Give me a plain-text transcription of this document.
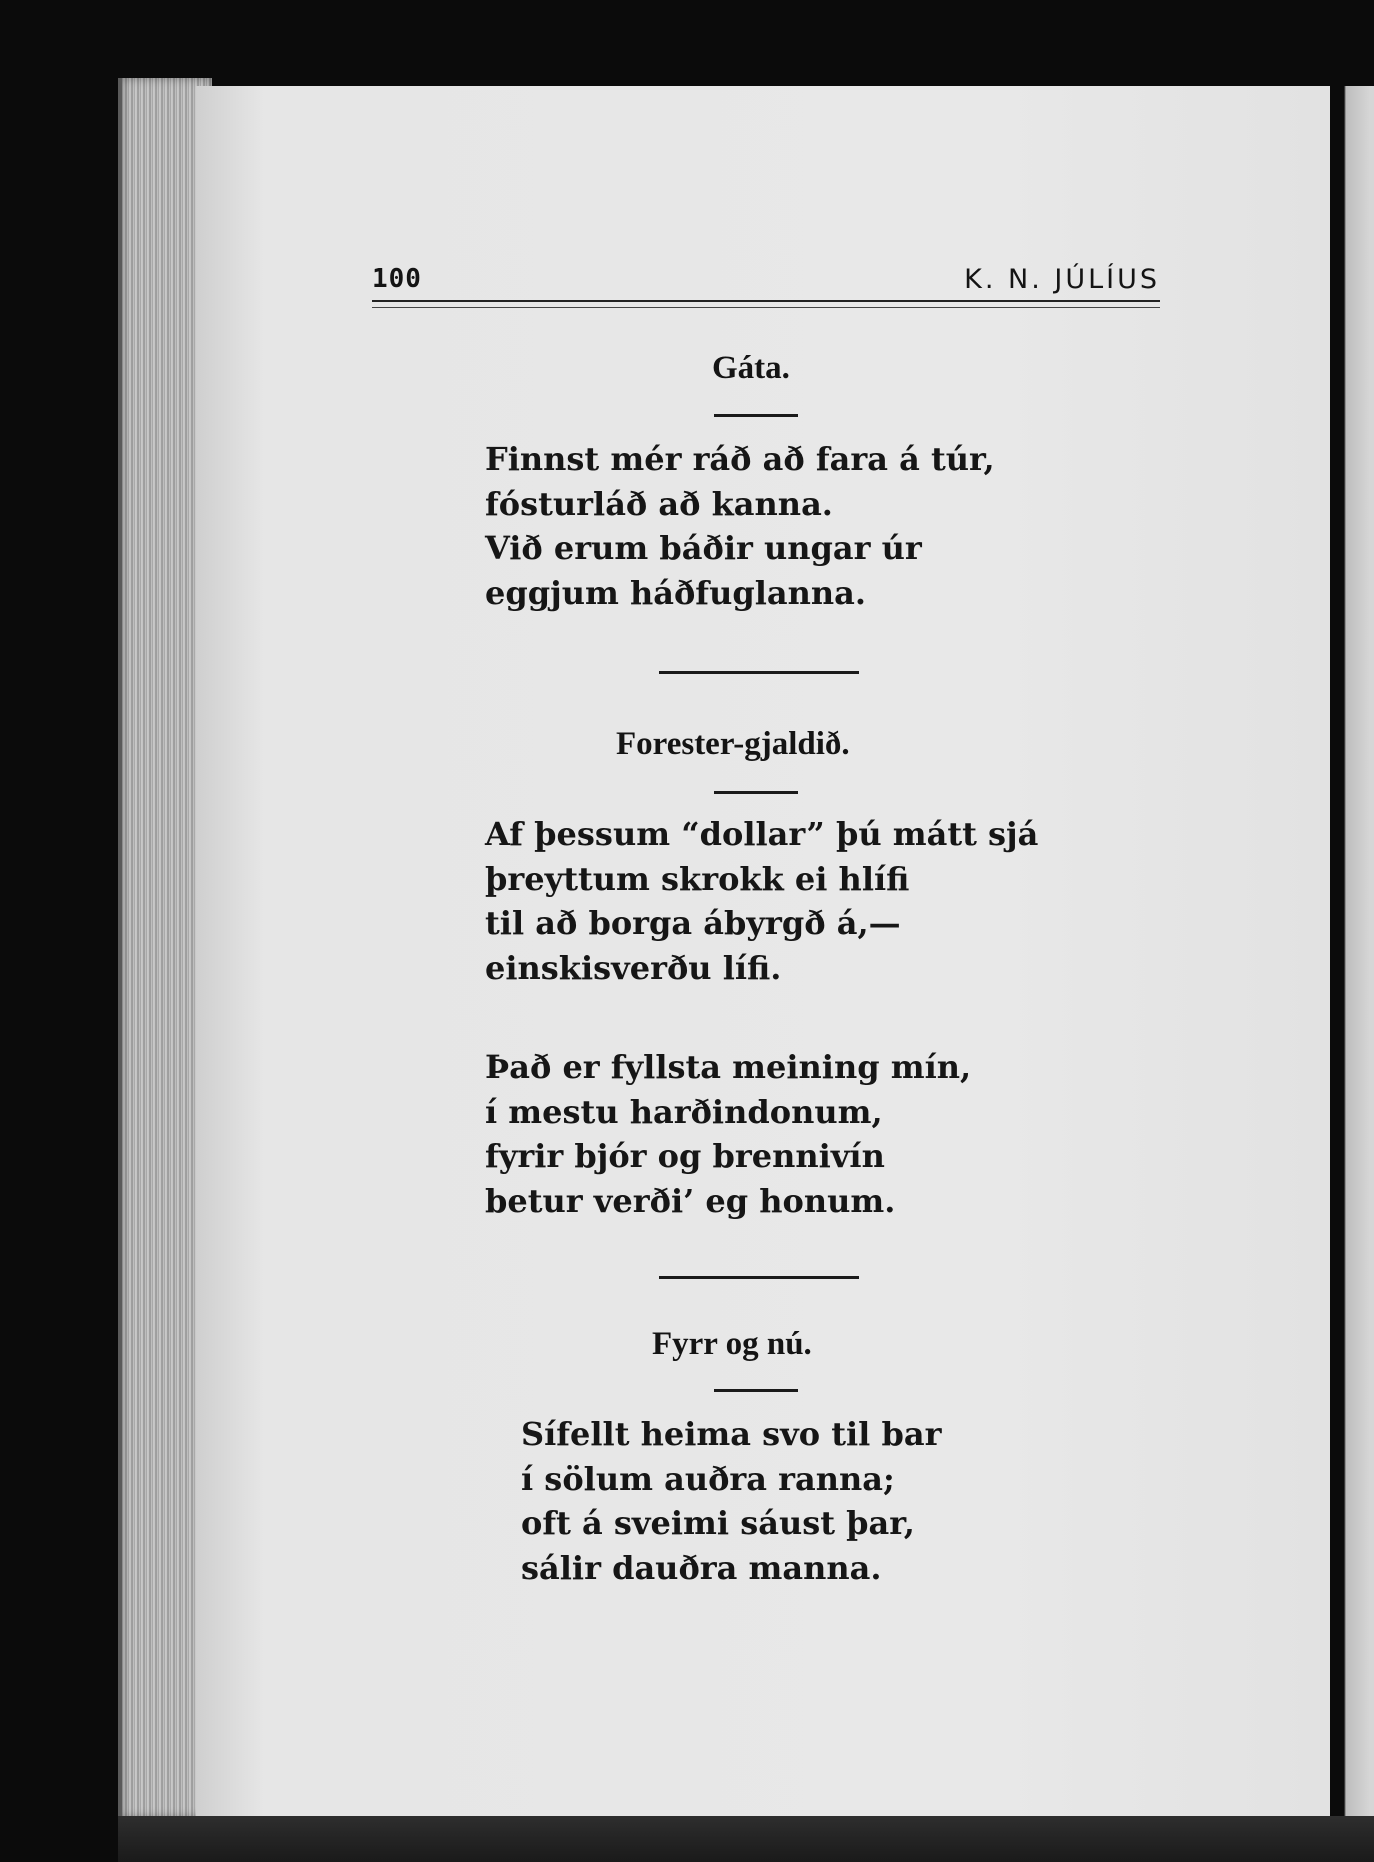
100	K. N. JÚLÍUS
Gáta.
Finnst mér ráð að fara á túr,
fósturláð að kanna.
Við erum báðir ungar úr
eggjum háðfuglanna.
Forester-gjaldið.
Af þessum “dollar” þú mátt sjá
þreyttum skrokk ei hlífi
til að borga ábyrgð á,—
einskisverðu lífi.
Það er fyllsta meining mín,
í mestu harðindonum,
fyrir bjór og brennivín
betur verði’ eg honum.
Fyrr og nú.
Sífellt heima svo til bar
í sölum auðra ranna;
oft á sveimi sáust þar,
sálir dauðra manna.
